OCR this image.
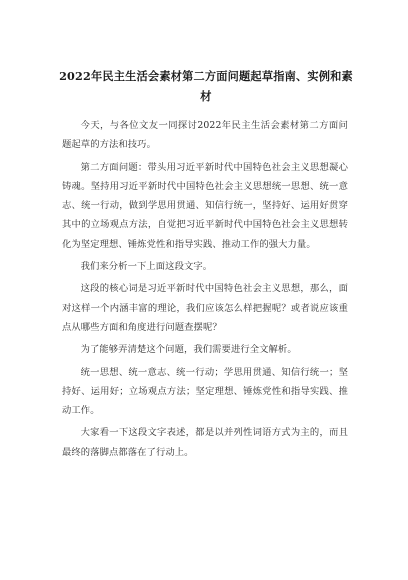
2022年民主生活会素材第二方面问题起草指南、实例和素材

今天，与各位文友一同探讨2022年民主生活会素材第二方面问题起草的方法和技巧。

第二方面问题：带头用习近平新时代中国特色社会主义思想凝心铸魂。坚持用习近平新时代中国特色社会主义思想统一思想、统一意志、统一行动，做到学思用贯通、知信行统一，坚持好、运用好贯穿其中的立场观点方法，自觉把习近平新时代中国特色社会主义思想转化为坚定理想、锤炼党性和指导实践、推动工作的强大力量。

我们来分析一下上面这段文字。

这段的核心词是习近平新时代中国特色社会主义思想，那么，面对这样一个内涵丰富的理论，我们应该怎么样把握呢？或者说应该重点从哪些方面和角度进行问题查摆呢？

为了能够弄清楚这个问题，我们需要进行全文解析。

统一思想、统一意志、统一行动；学思用贯通、知信行统一；坚持好、运用好；立场观点方法；坚定理想、锤炼党性和指导实践、推动工作。

大家看一下这段文字表述，都是以并列性词语方式为主的，而且最终的落脚点都落在了行动上。
